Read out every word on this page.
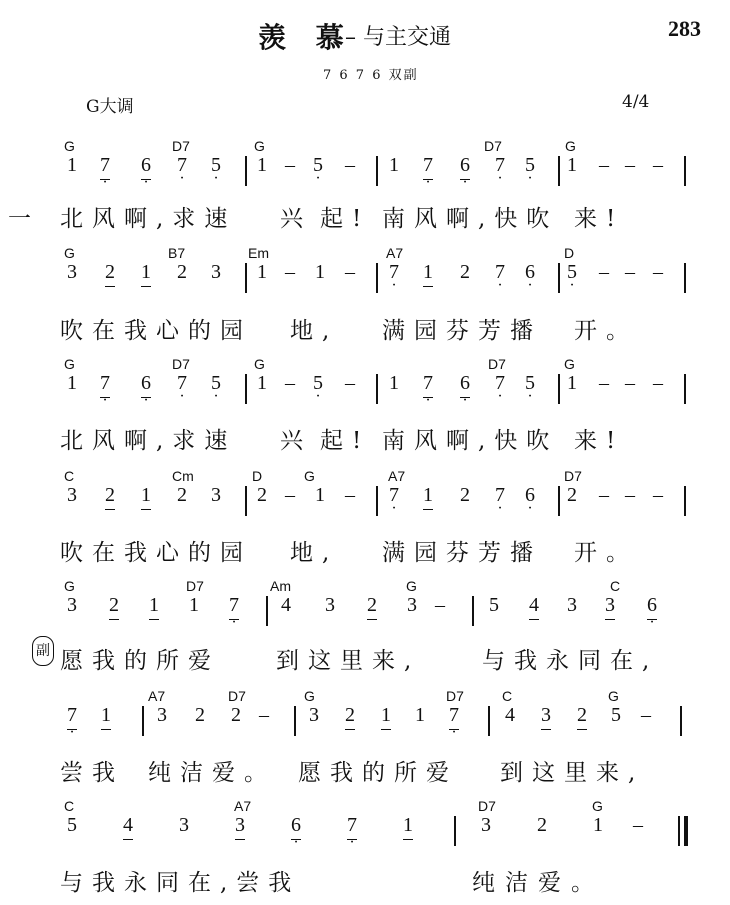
羡 慕
– 与主交通	283
7 6 7 6 双副
G大调	4/4
G	D7	G	D7	G
G	B7	Em	A7	D
G	D7	G	D7	G
C	Cm	D	G	A7	D7
G	D7	Am	G	C
A7	D7	G	D7	C	G
C	A7	D7	G
1 · 7 · 6 · 7 · 5 1 – · 5 – 1 · 7 · 6 · 7 · 5 1 – – –
3 2 1 2 3 1 – 1 – · 7 1 2 · 7 · 6 · 5 – – –
1 · 7 · 6 · 7 · 5 1 – · 5 – 1 · 7 · 6 · 7 · 5 1 – – –
3 2 1 2 3 2 – 1 – · 7 1 2 · 7 · 6 2 – – –
3 2 1 1 · 7 4 3 2 3 – 5 4 3 3 · 6
· 7 1 3 2 2 – 3 2 1 1 · 7 4 3 2 5 –
5 4 3 3 · 6 · 7 1	3 2 1 –
北风啊,求速 兴 起! 南风啊,快吹 来!
吹在我心的园 地, 满园芬芳播 开。
北风啊,求速 兴 起! 南风啊,快吹 来!
吹在我心的园 地, 满园芬芳播 开。
愿我的所爱 到这里来,	与我永同在,
尝我 纯洁爱。 愿我的所爱 到这里来,
与我永同在,尝我	纯洁爱。
一
副
